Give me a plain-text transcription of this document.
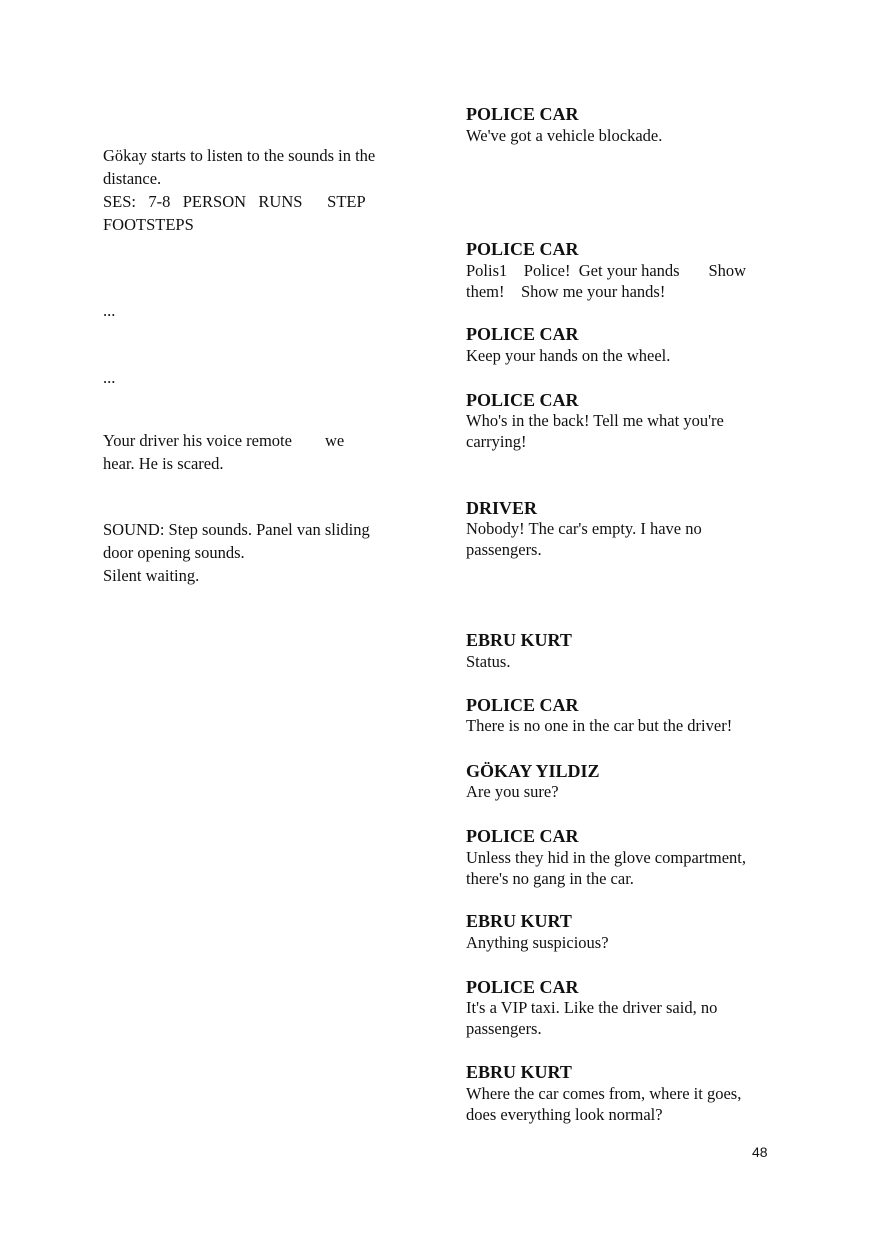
Gökay starts to listen to the sounds in the
distance.
SES:   7-8   PERSON   RUNS      STEP
FOOTSTEPS
...
...
Your driver his voice remote        we
hear. He is scared.
SOUND: Step sounds. Panel van sliding
door opening sounds.
Silent waiting.
POLICE CAR
We've got a vehicle blockade.
POLICE CAR
Polis1    Police!  Get your hands       Show
them!    Show me your hands!
POLICE CAR
Keep your hands on the wheel.
POLICE CAR
Who's in the back! Tell me what you're
carrying!
DRIVER
Nobody! The car's empty. I have no
passengers.
EBRU KURT
Status.
POLICE CAR
There is no one in the car but the driver!
GÖKAY YILDIZ
Are you sure?
POLICE CAR
Unless they hid in the glove compartment,
there's no gang in the car.
EBRU KURT
Anything suspicious?
POLICE CAR
It's a VIP taxi. Like the driver said, no
passengers.
EBRU KURT
Where the car comes from, where it goes,
does everything look normal?
48
